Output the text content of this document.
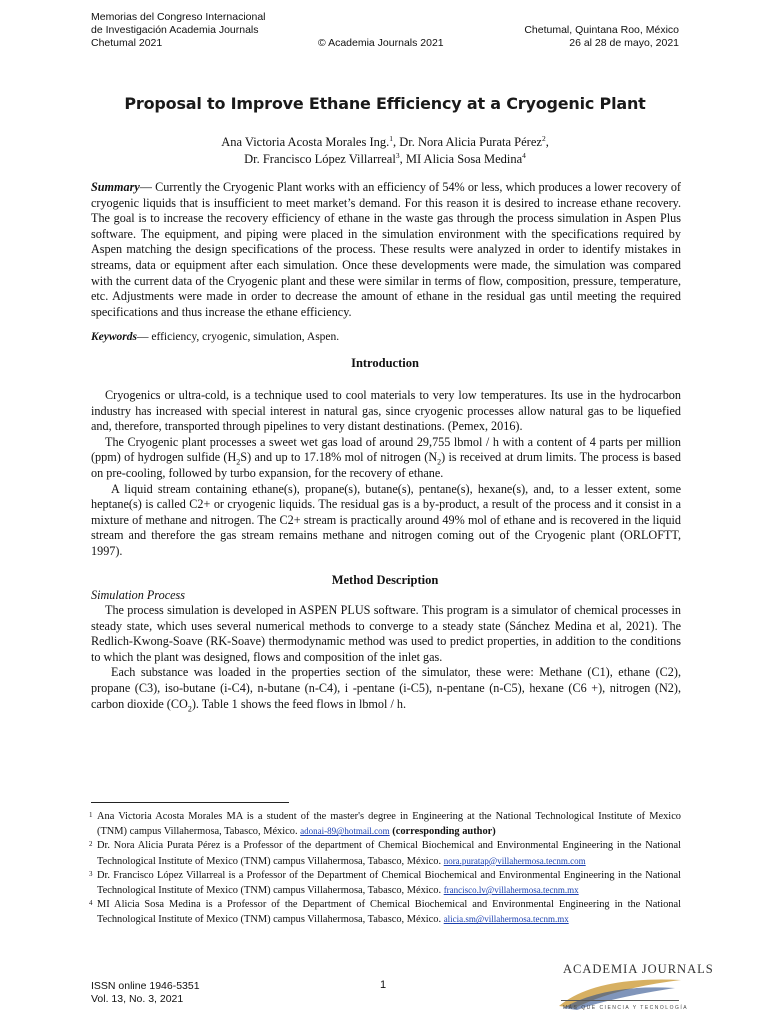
Memorias del Congreso Internacional
de Investigación Academia Journals
Chetumal 2021	© Academia Journals 2021
Chetumal, Quintana Roo, México
26 al 28 de mayo, 2021
Proposal to Improve Ethane Efficiency at a Cryogenic Plant
Ana Victoria Acosta Morales Ing.$^1$, Dr. Nora Alicia Purata Pérez$^2$,
Dr. Francisco López Villarreal$^3$, MI Alicia Sosa Medina$^4$
Summary— Currently the Cryogenic Plant works with an efficiency of 54% or less, which produces a lower recovery of cryogenic liquids that is insufficient to meet market’s demand. For this reason it is desired to increase ethane recovery. The goal is to increase the recovery efficiency of ethane in the waste gas through the process simulation in Aspen Plus software. The equipment, and piping were placed in the simulation environment with the specifications required by Aspen matching the design specifications of the process. These results were analyzed in order to identify mistakes in streams, data or equipment after each simulation. Once these developments were made, the simulation was compared with the current data of the Cryogenic plant and these were similar in terms of flow, composition, pressure, temperature, etc. Adjustments were made in order to decrease the amount of ethane in the residual gas until meeting the required specifications and thus increase the ethane efficiency.
Keywords— efficiency, cryogenic, simulation, Aspen.
Introduction
Cryogenics or ultra-cold, is a technique used to cool materials to very low temperatures. Its use in the hydrocarbon industry has increased with special interest in natural gas, since cryogenic processes allow natural gas to be liquefied and, therefore, transported through pipelines to very distant destinations. (Pemex, 2016).
The Cryogenic plant processes a sweet wet gas load of around 29,755 lbmol / h with a content of 4 parts per million (ppm) of hydrogen sulfide $(H_2S)$ and up to 17.18% mol of nitrogen $(N_2)$ is received at drum limits. The process is based on pre-cooling, followed by turbo expansion, for the recovery of ethane.
A liquid stream containing ethane(s), propane(s), butane(s), pentane(s), hexane(s), and, to a lesser extent, some heptane(s) is called C2+ or cryogenic liquids. The residual gas is a by-product, a result of the process and it consist in a mixture of methane and nitrogen. The C2+ stream is practically around 49% mol of ethane and is recovered in the liquid stream and therefore the gas stream remains methane and nitrogen coming out of the Cryogenic plant (ORLOFTT, 1997).
Method Description
Simulation Process
The process simulation is developed in ASPEN PLUS software. This program is a simulator of chemical processes in steady state, which uses several numerical methods to converge to a steady state (Sánchez Medina et al, 2021). The Redlich-Kwong-Soave (RK-Soave) thermodynamic method was used to predict properties, in addition to the conditions to which the plant was designed, flows and composition of the inlet gas.
Each substance was loaded in the properties section of the simulator, these were: Methane (C1), ethane (C2), propane (C3), iso-butane (i-C4), n-butane (n-C4), i -pentane (i-C5), n-pentane (n-C5), hexane (C6 +), nitrogen (N2), carbon dioxide $(CO_2)$. Table 1 shows the feed flows in lbmol / h.
1 Ana Victoria Acosta Morales MA is a student of the master's degree in Engineering at the National Technological Institute of Mexico (TNM) campus Villahermosa, Tabasco, México. adonai-89@hotmail.com (corresponding author)
2 Dr. Nora Alicia Purata Pérez is a Professor of the department of Chemical Biochemical and Environmental Engineering in the National Technological Institute of Mexico (TNM) campus Villahermosa, Tabasco, México. nora.puratap@villahermosa.tecnm.com
3 Dr. Francisco López Villarreal is a Professor of the Department of Chemical Biochemical and Environmental Engineering in the National Technological Institute of Mexico (TNM) campus Villahermosa, Tabasco, México. francisco.lv@villahermosa.tecnm.mx
4 MI Alicia Sosa Medina is a Professor of the Department of Chemical Biochemical and Environmental Engineering in the National Technological Institute of Mexico (TNM) campus Villahermosa, Tabasco, México. alicia.sm@villahermosa.tecnm.mx
ISSN online 1946-5351
Vol. 13, No. 3, 2021
1
ACADEMIA JOURNALS
MÁS QUE CIENCIA Y TECNOLOGÍA
